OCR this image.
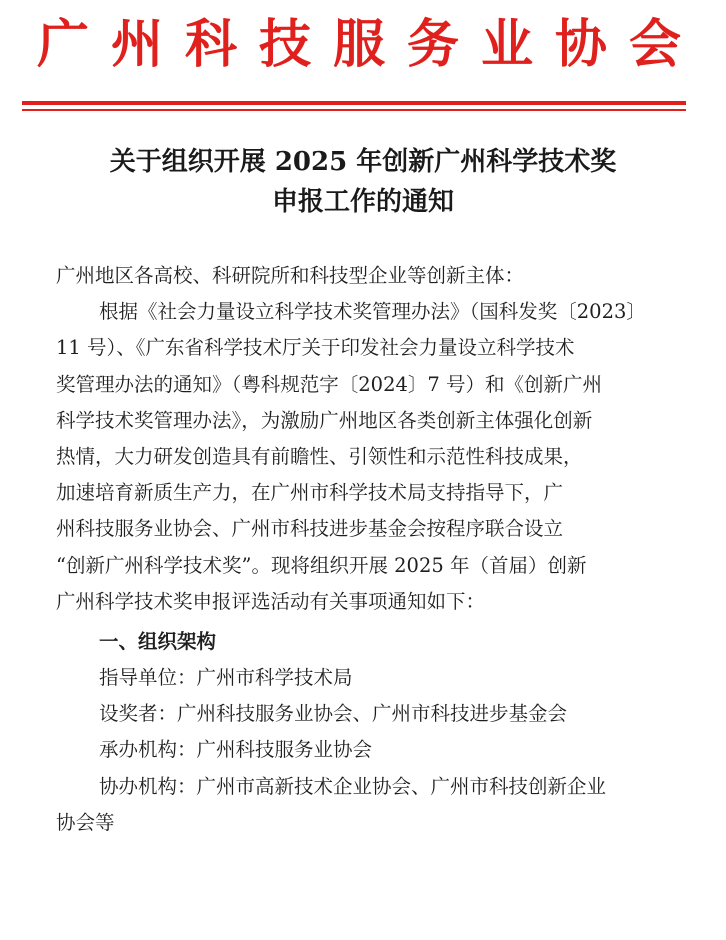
广州科技服务业协会
关于组织开展 2025 年创新广州科学技术奖
申报工作的通知
广州地区各高校、科研院所和科技型企业等创新主体：
根据《社会力量设立科学技术奖管理办法》（国科发奖〔2023〕
11 号）、《广东省科学技术厅关于印发社会力量设立科学技术
奖管理办法的通知》（粤科规范字〔2024〕7 号）和《创新广州
科学技术奖管理办法》，为激励广州地区各类创新主体强化创新
热情，大力研发创造具有前瞻性、引领性和示范性科技成果，
加速培育新质生产力，在广州市科学技术局支持指导下，广
州科技服务业协会、广州市科技进步基金会按程序联合设立
“创新广州科学技术奖”。现将组织开展 2025 年（首届）创新
广州科学技术奖申报评选活动有关事项通知如下：
一、组织架构
指导单位：广州市科学技术局
设奖者：广州科技服务业协会、广州市科技进步基金会
承办机构：广州科技服务业协会
协办机构：广州市高新技术企业协会、广州市科技创新企业
协会等
